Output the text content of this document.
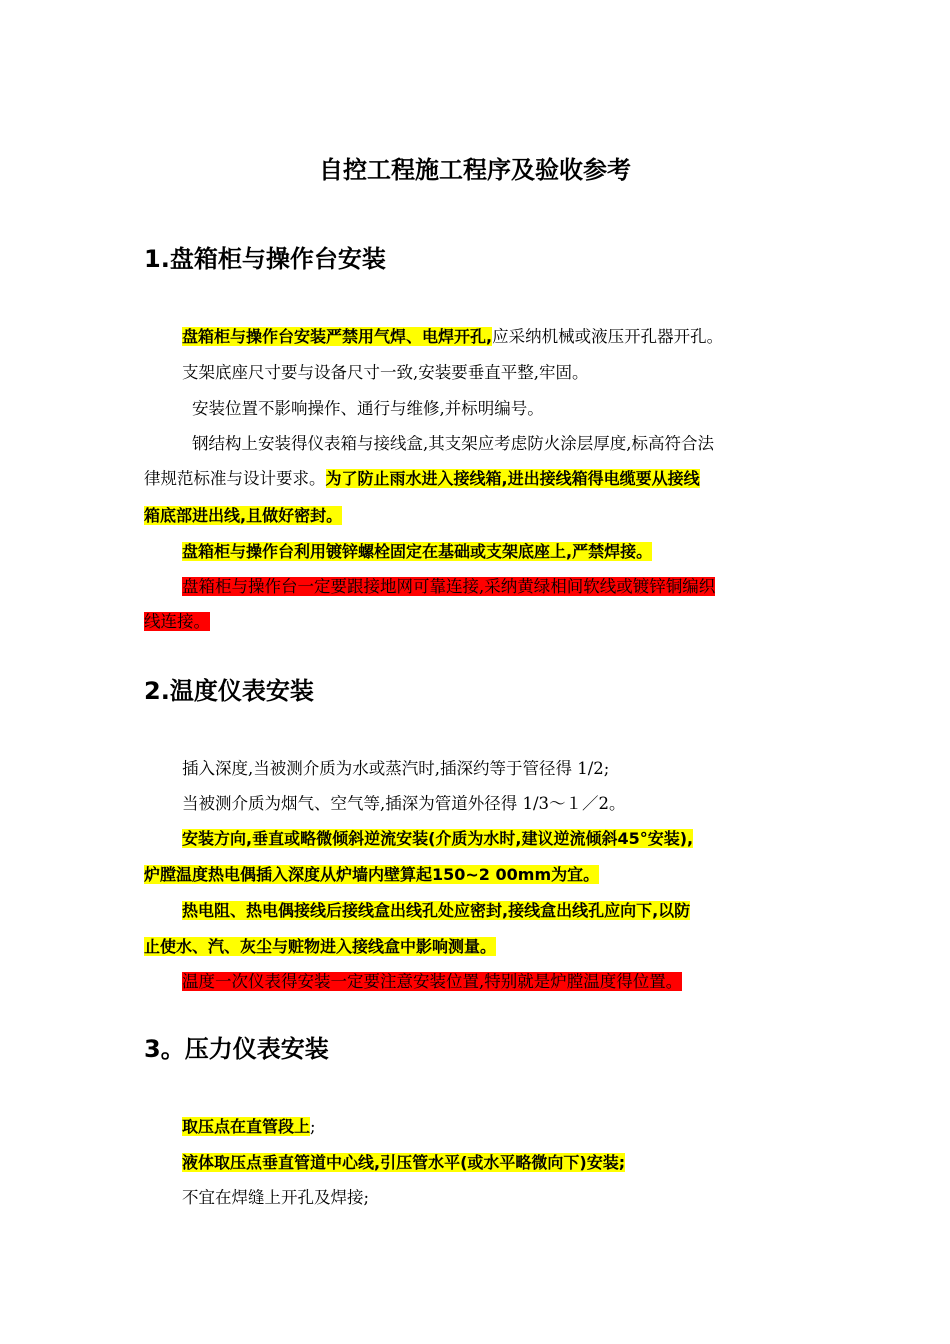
自控工程施工程序及验收参考
1.盘箱柜与操作台安装
盘箱柜与操作台安装严禁用气焊、电焊开孔,应采纳机械或液压开孔器开孔。
支架底座尺寸要与设备尺寸一致,安装要垂直平整,牢固。
安装位置不影响操作、通行与维修,并标明编号。
钢结构上安装得仪表箱与接线盒,其支架应考虑防火涂层厚度,标高符合法
律规范标准与设计要求。为了防止雨水进入接线箱,进出接线箱得电缆要从接线
箱底部进出线,且做好密封。
盘箱柜与操作台利用镀锌螺栓固定在基础或支架底座上,严禁焊接。
盘箱柜与操作台一定要跟接地网可靠连接,采纳黄绿相间软线或镀锌铜编织
线连接。
2.温度仪表安装
插入深度,当被测介质为水或蒸汽时,插深约等于管径得 1/2;
当被测介质为烟气、空气等,插深为管道外径得 1/3～１／2。
安装方向,垂直或略微倾斜逆流安装(介质为水时,建议逆流倾斜45°安装),
炉膛温度热电偶插入深度从炉墙内壁算起150~2 00mm为宜。
热电阻、热电偶接线后接线盒出线孔处应密封,接线盒出线孔应向下,以防
止使水、汽、灰尘与赃物进入接线盒中影响测量。
温度一次仪表得安装一定要注意安装位置,特别就是炉膛温度得位置。
3。压力仪表安装
取压点在直管段上;
液体取压点垂直管道中心线,引压管水平(或水平略微向下)安装;
不宜在焊缝上开孔及焊接;
